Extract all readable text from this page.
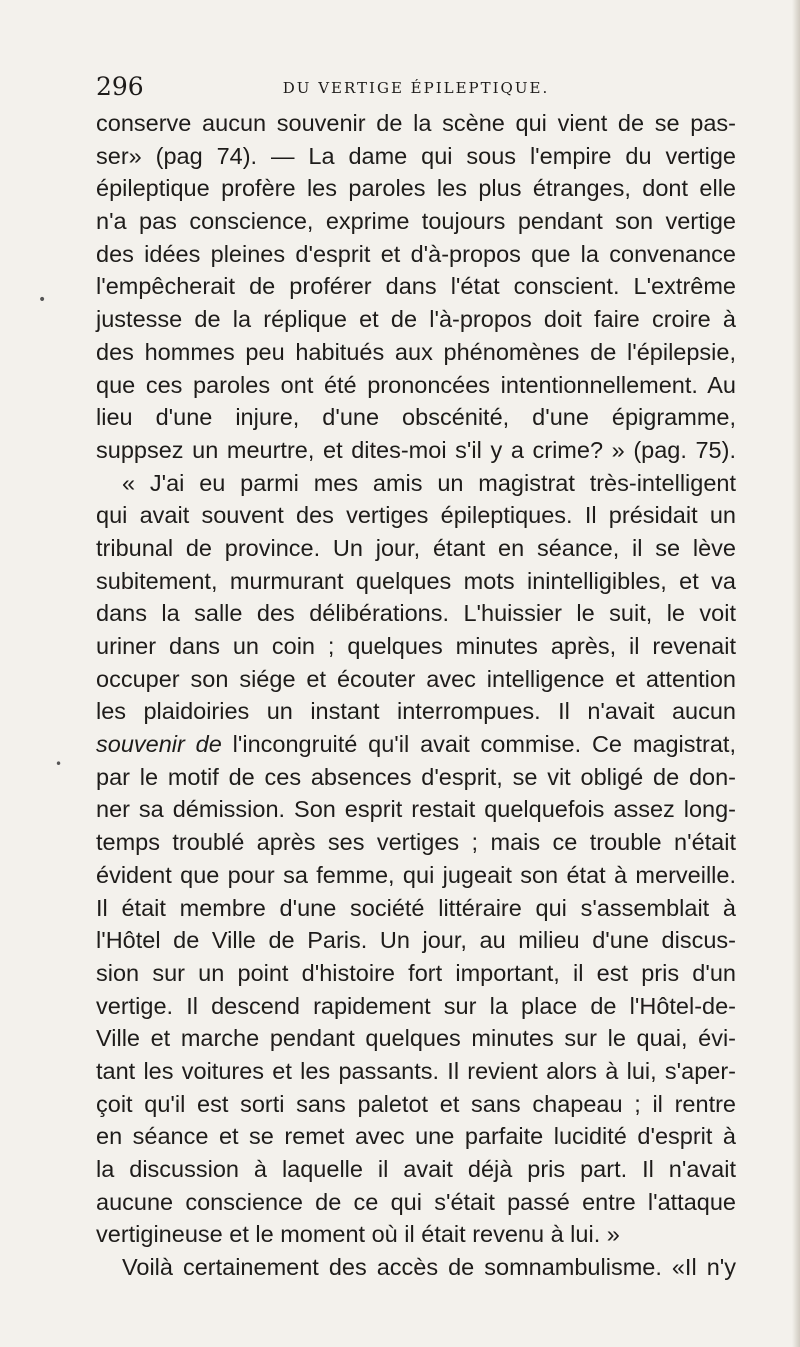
296	DU VERTIGE ÉPILEPTIQUE.
•
•
conserve aucun souvenir de la scène qui vient de se pas-
ser» (pag 74). — La dame qui sous l'empire du vertige
épileptique profère les paroles les plus étranges, dont elle
n'a pas conscience, exprime toujours pendant son vertige
des idées pleines d'esprit et d'à-propos que la convenance
l'empêcherait de proférer dans l'état conscient. L'extrême
justesse de la réplique et de l'à-propos doit faire croire à
des hommes peu habitués aux phénomènes de l'épilepsie,
que ces paroles ont été prononcées intentionnellement. Au
lieu d'une injure, d'une obscénité, d'une épigramme,
suppsez un meurtre, et dites-moi s'il y a crime? » (pag. 75).
« J'ai eu parmi mes amis un magistrat très-intelligent
qui avait souvent des vertiges épileptiques. Il présidait un
tribunal de province. Un jour, étant en séance, il se lève
subitement, murmurant quelques mots inintelligibles, et va
dans la salle des délibérations. L'huissier le suit, le voit
uriner dans un coin ; quelques minutes après, il revenait
occuper son siége et écouter avec intelligence et attention
les plaidoiries un instant interrompues. Il n'avait aucun
souvenir de l'incongruité qu'il avait commise. Ce magistrat,
par le motif de ces absences d'esprit, se vit obligé de don-
ner sa démission. Son esprit restait quelquefois assez long-
temps troublé après ses vertiges ; mais ce trouble n'était
évident que pour sa femme, qui jugeait son état à merveille.
Il était membre d'une société littéraire qui s'assemblait à
l'Hôtel de Ville de Paris. Un jour, au milieu d'une discus-
sion sur un point d'histoire fort important, il est pris d'un
vertige. Il descend rapidement sur la place de l'Hôtel-de-
Ville et marche pendant quelques minutes sur le quai, évi-
tant les voitures et les passants. Il revient alors à lui, s'aper-
çoit qu'il est sorti sans paletot et sans chapeau ; il rentre
en séance et se remet avec une parfaite lucidité d'esprit à
la discussion à laquelle il avait déjà pris part. Il n'avait
aucune conscience de ce qui s'était passé entre l'attaque
vertigineuse et le moment où il était revenu à lui. »
Voilà certainement des accès de somnambulisme. «Il n'y
